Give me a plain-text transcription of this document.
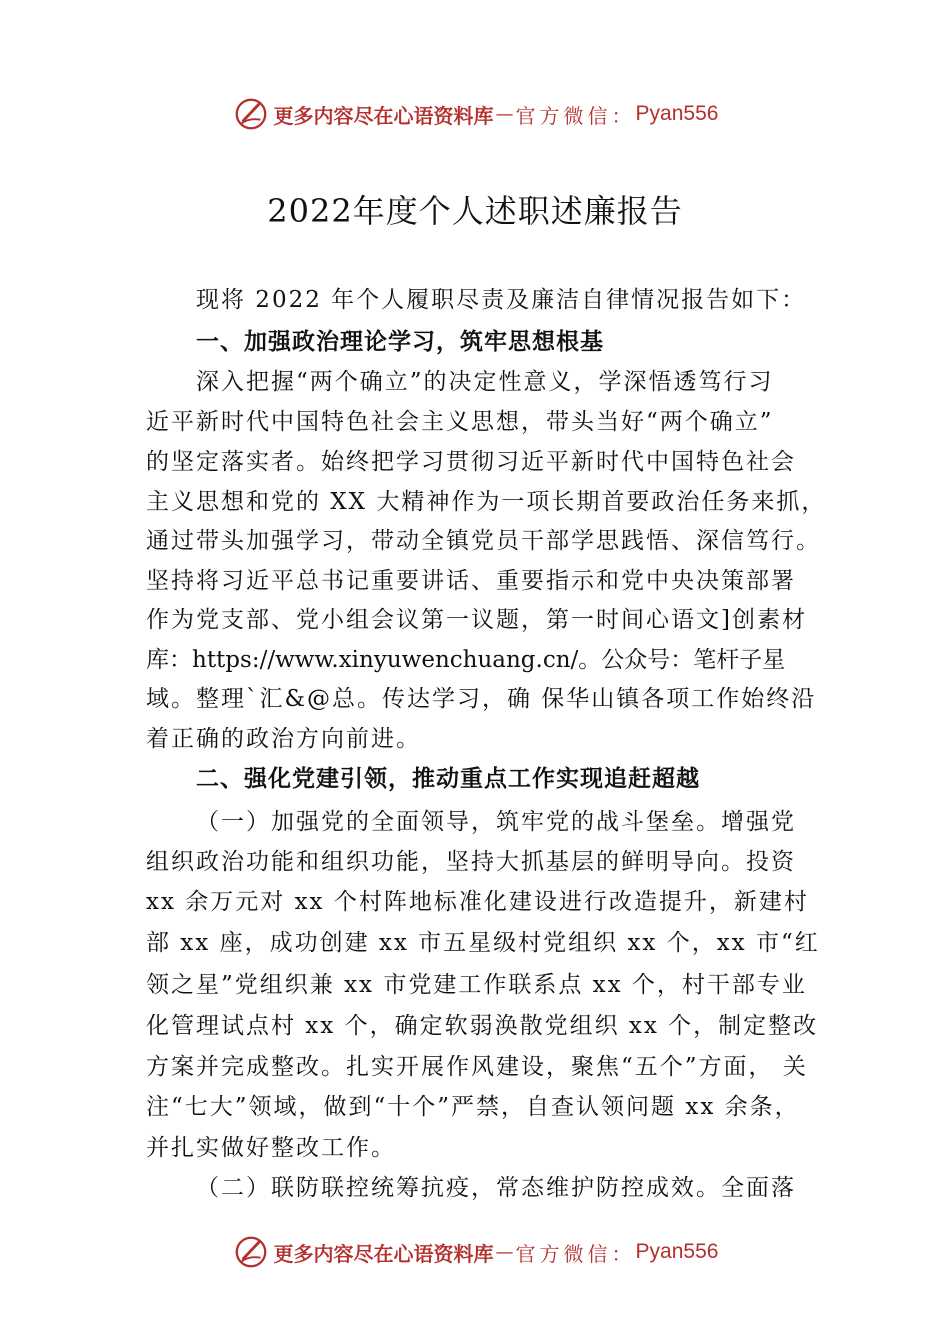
更多内容尽在心语资料库 — 官方微信： Pyan556
2022年度个人述职述廉报告
现将 2022 年个人履职尽责及廉洁自律情况报告如下：
一、加强政治理论学习，筑牢思想根基
深入把握“两个确立”的决定性意义，学深悟透笃行习
近平新时代中国特色社会主义思想，带头当好“两个确立”
的坚定落实者。始终把学习贯彻习近平新时代中国特色社会
主义思想和党的 XX 大精神作为一项长期首要政治任务来抓，
通过带头加强学习，带动全镇党员干部学思践悟、深信笃行。
坚持将习近平总书记重要讲话、重要指示和党中央决策部署
作为党支部、党小组会议第一议题，第一时间心语文]创素材
库：https://www.xinyuwenchuang.cn/。公众号：笔杆子星
域。整理`汇&@总。传达学习，确 保华山镇各项工作始终沿
着正确的政治方向前进。
二、强化党建引领，推动重点工作实现追赶超越
（一）加强党的全面领导，筑牢党的战斗堡垒。增强党
组织政治功能和组织功能，坚持大抓基层的鲜明导向。投资
xx 余万元对 xx 个村阵地标准化建设进行改造提升，新建村
部 xx 座，成功创建 xx 市五星级村党组织 xx 个，xx 市“红
领之星”党组织兼 xx 市党建工作联系点 xx 个，村干部专业
化管理试点村 xx 个，确定软弱涣散党组织 xx 个，制定整改
方案并完成整改。扎实开展作风建设，聚焦“五个”方面， 关
注“七大”领域，做到“十个”严禁，自查认领问题 xx 余条，
并扎实做好整改工作。
（二）联防联控统筹抗疫，常态维护防控成效。全面落
更多内容尽在心语资料库 — 官方微信： Pyan556
